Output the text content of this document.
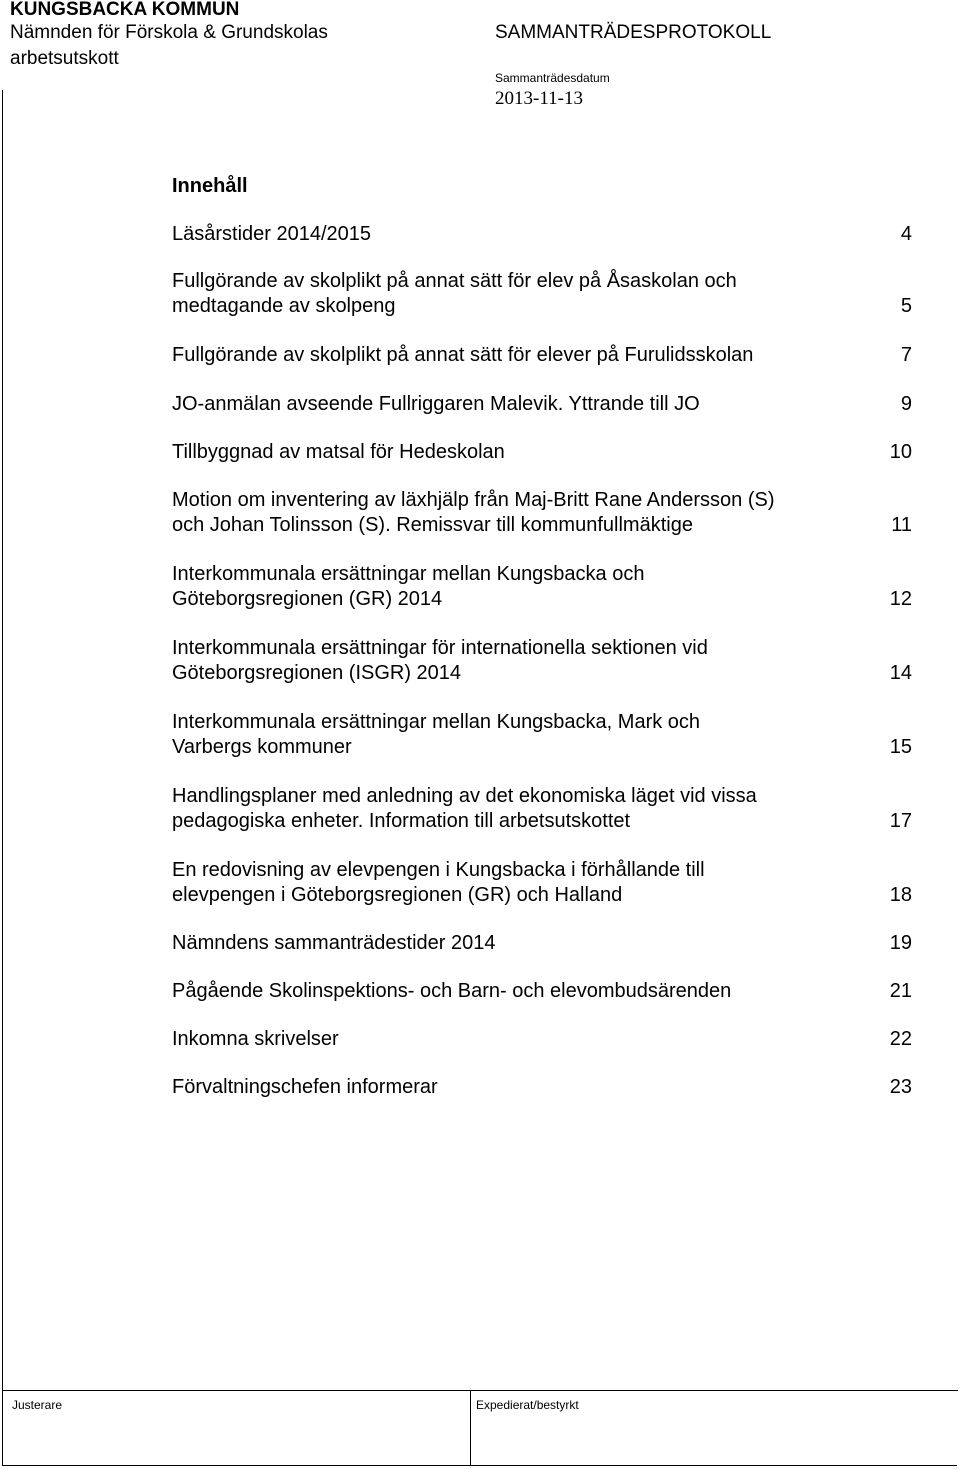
KUNGSBACKA KOMMUN
Nämnden för Förskola & Grundskolas
arbetsutskott
SAMMANTRÄDESPROTOKOLL
Sammanträdesdatum
2013-11-13
Innehåll
Läsårstider 2014/2015	4
Fullgörande av skolplikt på annat sätt för elev på Åsaskolan och
medtagande av skolpeng	5
Fullgörande av skolplikt på annat sätt för elever på Furulidsskolan	7
JO-anmälan avseende Fullriggaren Malevik. Yttrande till JO	9
Tillbyggnad av matsal för Hedeskolan	10
Motion om inventering av läxhjälp från Maj-Britt Rane Andersson (S)
och Johan Tolinsson (S). Remissvar till kommunfullmäktige	11
Interkommunala ersättningar mellan Kungsbacka och
Göteborgsregionen (GR) 2014	12
Interkommunala ersättningar för internationella sektionen vid
Göteborgsregionen (ISGR) 2014	14
Interkommunala ersättningar mellan Kungsbacka, Mark och
Varbergs kommuner	15
Handlingsplaner med anledning av det ekonomiska läget vid vissa
pedagogiska enheter. Information till arbetsutskottet	17
En redovisning av elevpengen i Kungsbacka i förhållande till
elevpengen i Göteborgsregionen (GR) och Halland	18
Nämndens sammanträdestider 2014	19
Pågående Skolinspektions- och Barn- och elevombudsärenden	21
Inkomna skrivelser	22
Förvaltningschefen informerar	23
Justerare	Expedierat/bestyrkt
